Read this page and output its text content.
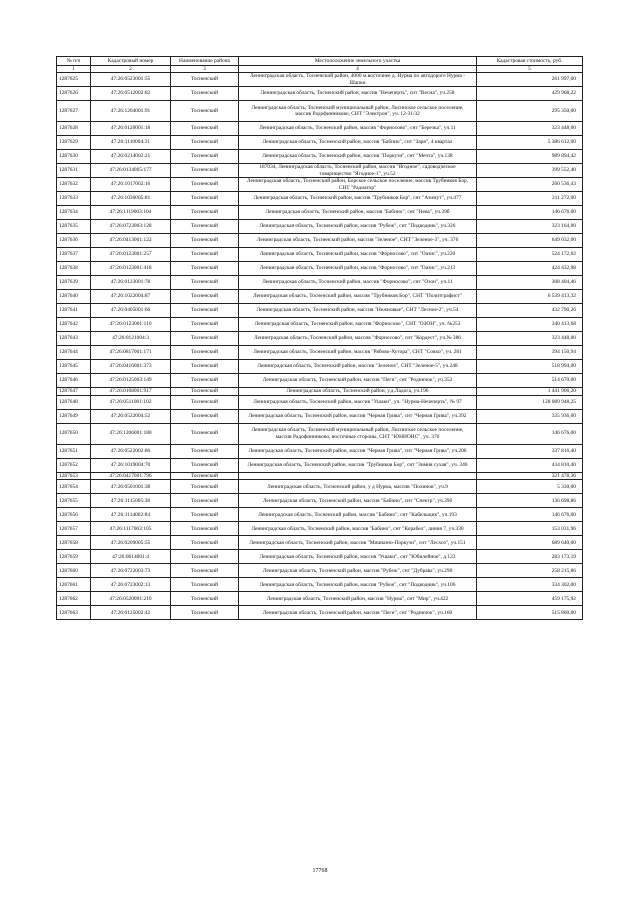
№ п/п	Кадастровый номер	Наименование района	Местоположение земельного участка	Кадастровая стоимость, руб.
1	2	3	4	5
1287625	47:26:0523001:55	Тосненский	Ленинградская область, Тосненский район, 4000 м.восточнее д. Нурма по автодороге Нурма - Шапки	261 997,00
1287626	47:26:0512002:82	Тосненский	Ленинградская область, Тосненский район, массив "Нечеперть", снт "Весна", уч.258	429 968,22
1287627	47:26:1204001:91	Тосненский	Ленинградская область, Тосненский муниципальный район, Лисинское сельское поселение, массив Радофинниково, СНТ "Электрон", уч. 12-31/32	295 350,00
1287628	47:26:0120001:18	Тосненский	Ленинградская область, Тосненский район, массив "Форносово", снт "Березка", уч.11	323 448,00
1287629	47:26:1110004:31	Тосненский	Ленинградская область, Тосненский район, массив "Бабино", снт "Заря", 4 квартал	5 386 612,00
1287630	47:26:0214002:21	Тосненский	Ленинградская область, Тосненский район, массив "Поркузи", снт "Мечта", уч.138	989 894,42
1287631	47:26:0134005:177	Тосненский	187034, Ленинградская область, Тосненский район, массив "Ягодное", садоводческое товарищество "Ягодное-1", уч.52	399 552,40
1287632	47:26:1017002:16	Тосненский	Ленинградская область, Тосненский район, Борское сельское поселение, массив Трубников Бор, СНТ "Радиатор"	260 536,43
1287633	47:26:1030005:81	Тосненский	Ленинградская область, Тосненский район, массив "Трубников Бор", снт "Азимут", уч.477	211 272,00
1287634	47:26:1119003:104	Тосненский	Ленинградская область, Тосненский район, массив "Бабино", снт "Нева", уч.39б	146 676,00
1287635	47:26:0723003:128	Тосненский	Ленинградская область, Тосненский район, массив "Рубеж", снт "Подводник", уч.326	323 164,00
1287636	47:26:0413001:122	Тосненский	Ленинградская область, Тосненский район, массив "Зеленое", СНТ "Зеленое-3", уч. 376	649 032,00
1287637	47:26:0123001:257	Тосненский	Ленинградская область, Тосненский район, массив "Форносово", снт "Оазис", уч.220	524 172,02
1287638	47:26:0123001:418	Тосненский	Ленинградская область, Тосненский район, массив "Форносово", снт "Оазис", уч.213	424 432,98
1287639	47:26:0123001:78	Тосненский	Ленинградская область, Тосненский район, массив "Форносово", снт "Озон", уч.11	308 404,46
1287640	47:26:1022004:87	Тосненский	Ленинградская область, Тосненский район, массив "Трубников Бор", СНТ "Политграфист"	6 539 413,32
1287641	47:26:0405001:66	Тосненский	Ленинградская область, Тосненский район, массив "Нежновые", СНТ "Лесное-2", уч.54	432 790,26
1287642	47:26:0123001:110	Тосненский	Ленинградская область, Тосненский район, массив "Форносово", СНТ "ОЗОН", уч. №253	340 413,68
1287643	47:26:0121004:3	Тосненский	Ленинградская область, Тосненский район, массив "Форносово", снт "Кордест", уч.№ 386	323 448,00
1287644	47:26:0817001:171	Тосненский	Ленинградская область, Тосненский район, массив "Рябово-Хутора", СНТ "Совхо", уч. 281	394 150,94
1287645	47:26:0416001:373	Тосненский	Ленинградская область, Тосненский район, массив "Зеленое", СНТ "Зеленое-5", уч.248	518 994,00
1287646	47:26:0125003:149	Тосненский	Ленинградская область, Тосненский район, массив "Пеги", снт "Родничок", уч.352	514 670,00
1287647	47:26:0108001:917	Тосненский	Ленинградская область, Тосненский район, у.д.Ладога, уч.196	1 441 906,20
1287648	47:26:0511001:102	Тосненский	Ленинградская область, Тосненский район, массив "Ушаки", уч. "Нурма-Нечеперть", № 97	128 089 948,25
1287649	47:26:0522004:52	Тосненский	Ленинградская область, Тосненский район, массив "Черная Грива", снт "Черная Грива", уч.392	335 936,00
1287650	47:26:1206001:180	Тосненский	Ленинградская область, Тосненский муниципальный район, Лисинское сельское поселение, массив Радофинниково, восточные стороны, СНТ "ЮНИОНС", уч. 370	146 676,00
1287651	47:26:0522002:86	Тосненский	Ленинградская область, Тосненский район, массив "Черная Грива", снт "Черная Грива", уч.206	337 816,40
1287652	47:26:1019004:70	Тосненский	Ленинградская область, Тосненский район, массив "Трубников Бор", снт "Зимня сухая", уч. 346	434 810,40
1287653	47:26:0417001:796	Тосненский		321 478,36
1287654	47:26:0501001:38	Тосненский	Ленинградская область, Тосненский район, у д Нурма, массив "Полинов", уч.9	5 330,00
1287655	47:26:1115005:38	Тосненский	Ленинградская область, Тосненский район, массив "Бабино", снт "Спектр", уч.396	136 698,86
1287656	47:26:1114002:84	Тосненский	Ленинградская область, Тосненский район, массив "Бабино", снт "Кабельщик", уч.193	146 676,00
1287657	47:26:1117003:105	Тосненский	Ленинградская область, Тосненский район, массив "Бабино", снт "Корабел", линия 7, уч.330	153 031,96
1287658	47:26:0209005:55	Тосненский	Ленинградская область, Тосненский район, массив "Мишкино-Поркузи", снт "Лесхоз", уч.151	689 640,00
1287659	47:26:0614001:4	Тосненский	Ленинградская область, Тосненский район, массив "Ушаки", снт "Юбилейное", д.123	283 173,19
1287660	47:26:0722003:73	Тосненский	Ленинградская область, Тосненский район, массив "Рубеж", снт "Дубрава", уч.290	258 215,86
1287661	47:26:0723002:13	Тосненский	Ленинградская область, Тосненский район, массив "Рубеж", снт "Подводник", уч.106	334 302,00
1287662	47:26:0520001:210	Тосненский	Ленинградская область, Тосненский район, массив "Нурма", снт "Мир", уч.422	459 175,92
1287663	47:26:0125002:42	Тосненский	Ленинградская область, Тосненский район, массив "Пеги", снт "Родничок", уч.160	515 860,00
17768
